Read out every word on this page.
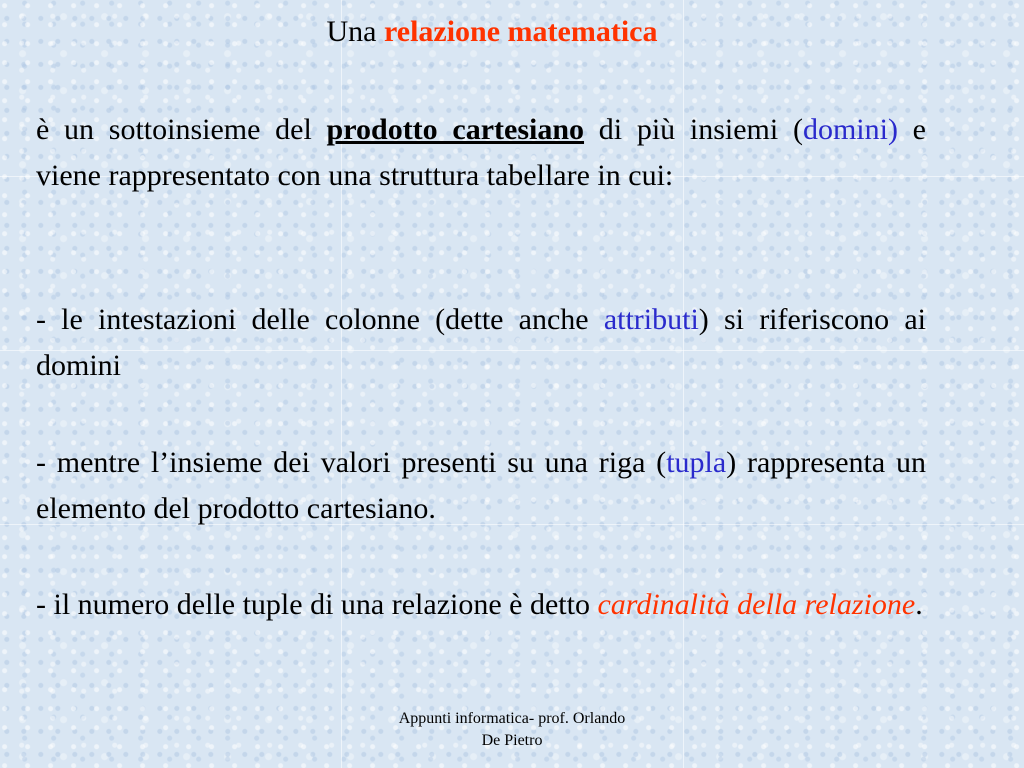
Una relazione matematica

è un sottoinsieme del prodotto cartesiano di più insiemi (domini) e viene rappresentato con una struttura tabellare in cui:

- le intestazioni delle colonne (dette anche attributi) si riferiscono ai domini

- mentre l’insieme dei valori presenti su una riga (tupla) rappresenta un elemento del prodotto cartesiano.

- il numero delle tuple di una relazione è detto cardinalità della relazione.

Appunti informatica- prof. Orlando
De Pietro
